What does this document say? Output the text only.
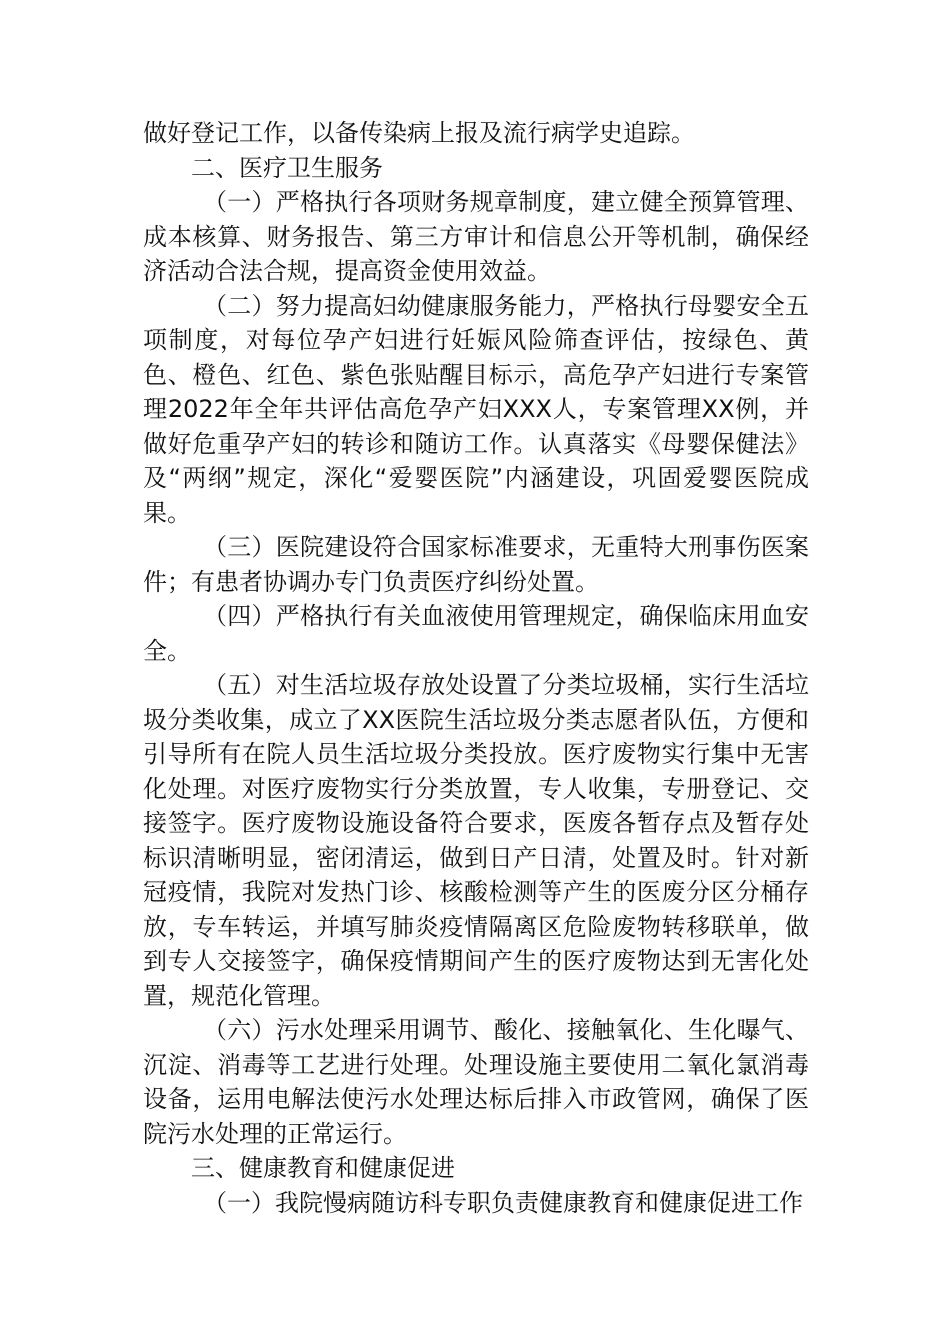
做好登记工作，以备传染病上报及流行病学史追踪。

二、医疗卫生服务

（一）严格执行各项财务规章制度，建立健全预算管理、成本核算、财务报告、第三方审计和信息公开等机制，确保经济活动合法合规，提高资金使用效益。

（二）努力提高妇幼健康服务能力，严格执行母婴安全五项制度，对每位孕产妇进行妊娠风险筛查评估，按绿色、黄色、橙色、红色、紫色张贴醒目标示，高危孕产妇进行专案管理2022年全年共评估高危孕产妇XXX人，专案管理XX例，并做好危重孕产妇的转诊和随访工作。认真落实《母婴保健法》及“两纲”规定，深化“爱婴医院”内涵建设，巩固爱婴医院成果。

（三）医院建设符合国家标准要求，无重特大刑事伤医案件；有患者协调办专门负责医疗纠纷处置。

（四）严格执行有关血液使用管理规定，确保临床用血安全。

（五）对生活垃圾存放处设置了分类垃圾桶，实行生活垃圾分类收集，成立了XX医院生活垃圾分类志愿者队伍，方便和引导所有在院人员生活垃圾分类投放。医疗废物实行集中无害化处理。对医疗废物实行分类放置，专人收集，专册登记、交接签字。医疗废物设施设备符合要求，医废各暂存点及暂存处标识清晰明显，密闭清运，做到日产日清，处置及时。针对新冠疫情，我院对发热门诊、核酸检测等产生的医废分区分桶存放，专车转运，并填写肺炎疫情隔离区危险废物转移联单，做到专人交接签字，确保疫情期间产生的医疗废物达到无害化处置，规范化管理。

（六）污水处理采用调节、酸化、接触氧化、生化曝气、沉淀、消毒等工艺进行处理。处理设施主要使用二氧化氯消毒设备，运用电解法使污水处理达标后排入市政管网，确保了医院污水处理的正常运行。

三、健康教育和健康促进

（一）我院慢病随访科专职负责健康教育和健康促进工作
